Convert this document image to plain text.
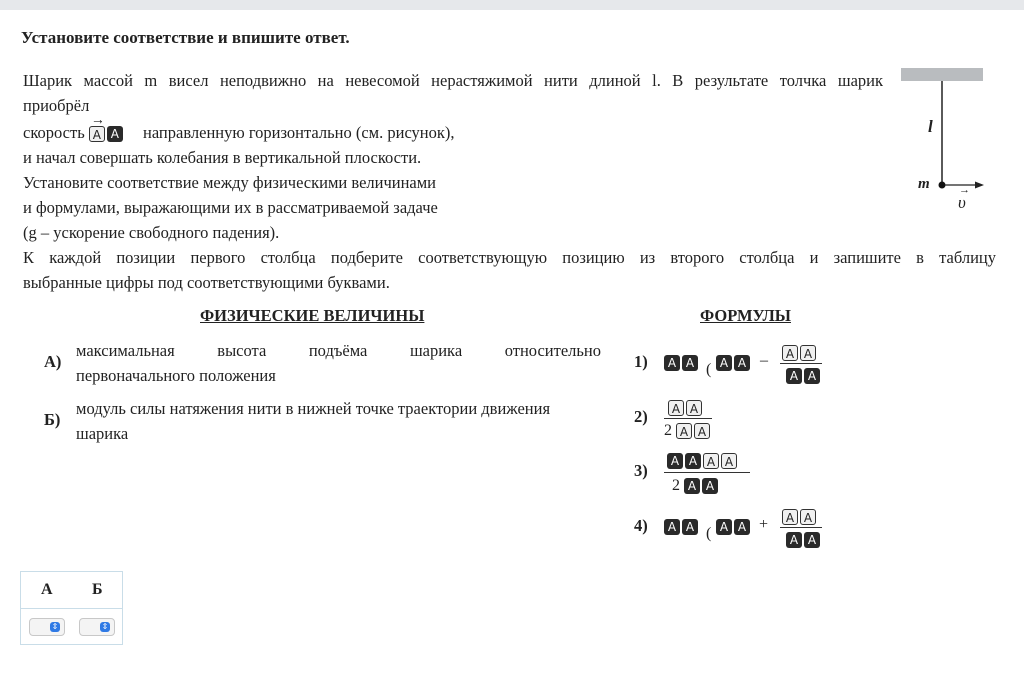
Установите соответствие и впишите ответ.
Шарик массой m висел неподвижно на невесомой нерастяжимой нити длиной l. В результате толчка шарик
приобрёл
скорость
→
A A направленную горизонтально (см. рисунок),
и начал совершать колебания в вертикальной плоскости.
Установите соответствие между физическими величинами
и формулами, выражающими их в рассматриваемой задаче
(g – ускорение свободного падения).
К каждой позиции первого столбца подберите соответствующую позицию из второго столбца и запишите в таблицу
выбранные цифры под соответствующими буквами.
l
m	→
υ
ФИЗИЧЕСКИЕ ВЕЛИЧИНЫ	ФОРМУЛЫ
А)
максимальная высота подъёма шарика относительно
первоначального положения
Б)
модуль силы натяжения нити в нижней точке траектории движения
шарика
1)	A A ( A A –	A A
A A
2)	A A
2 A A
3)	A A A A
2 A A
4)	A A ( A A +	A A
A A
А Б
⇕	⇕
